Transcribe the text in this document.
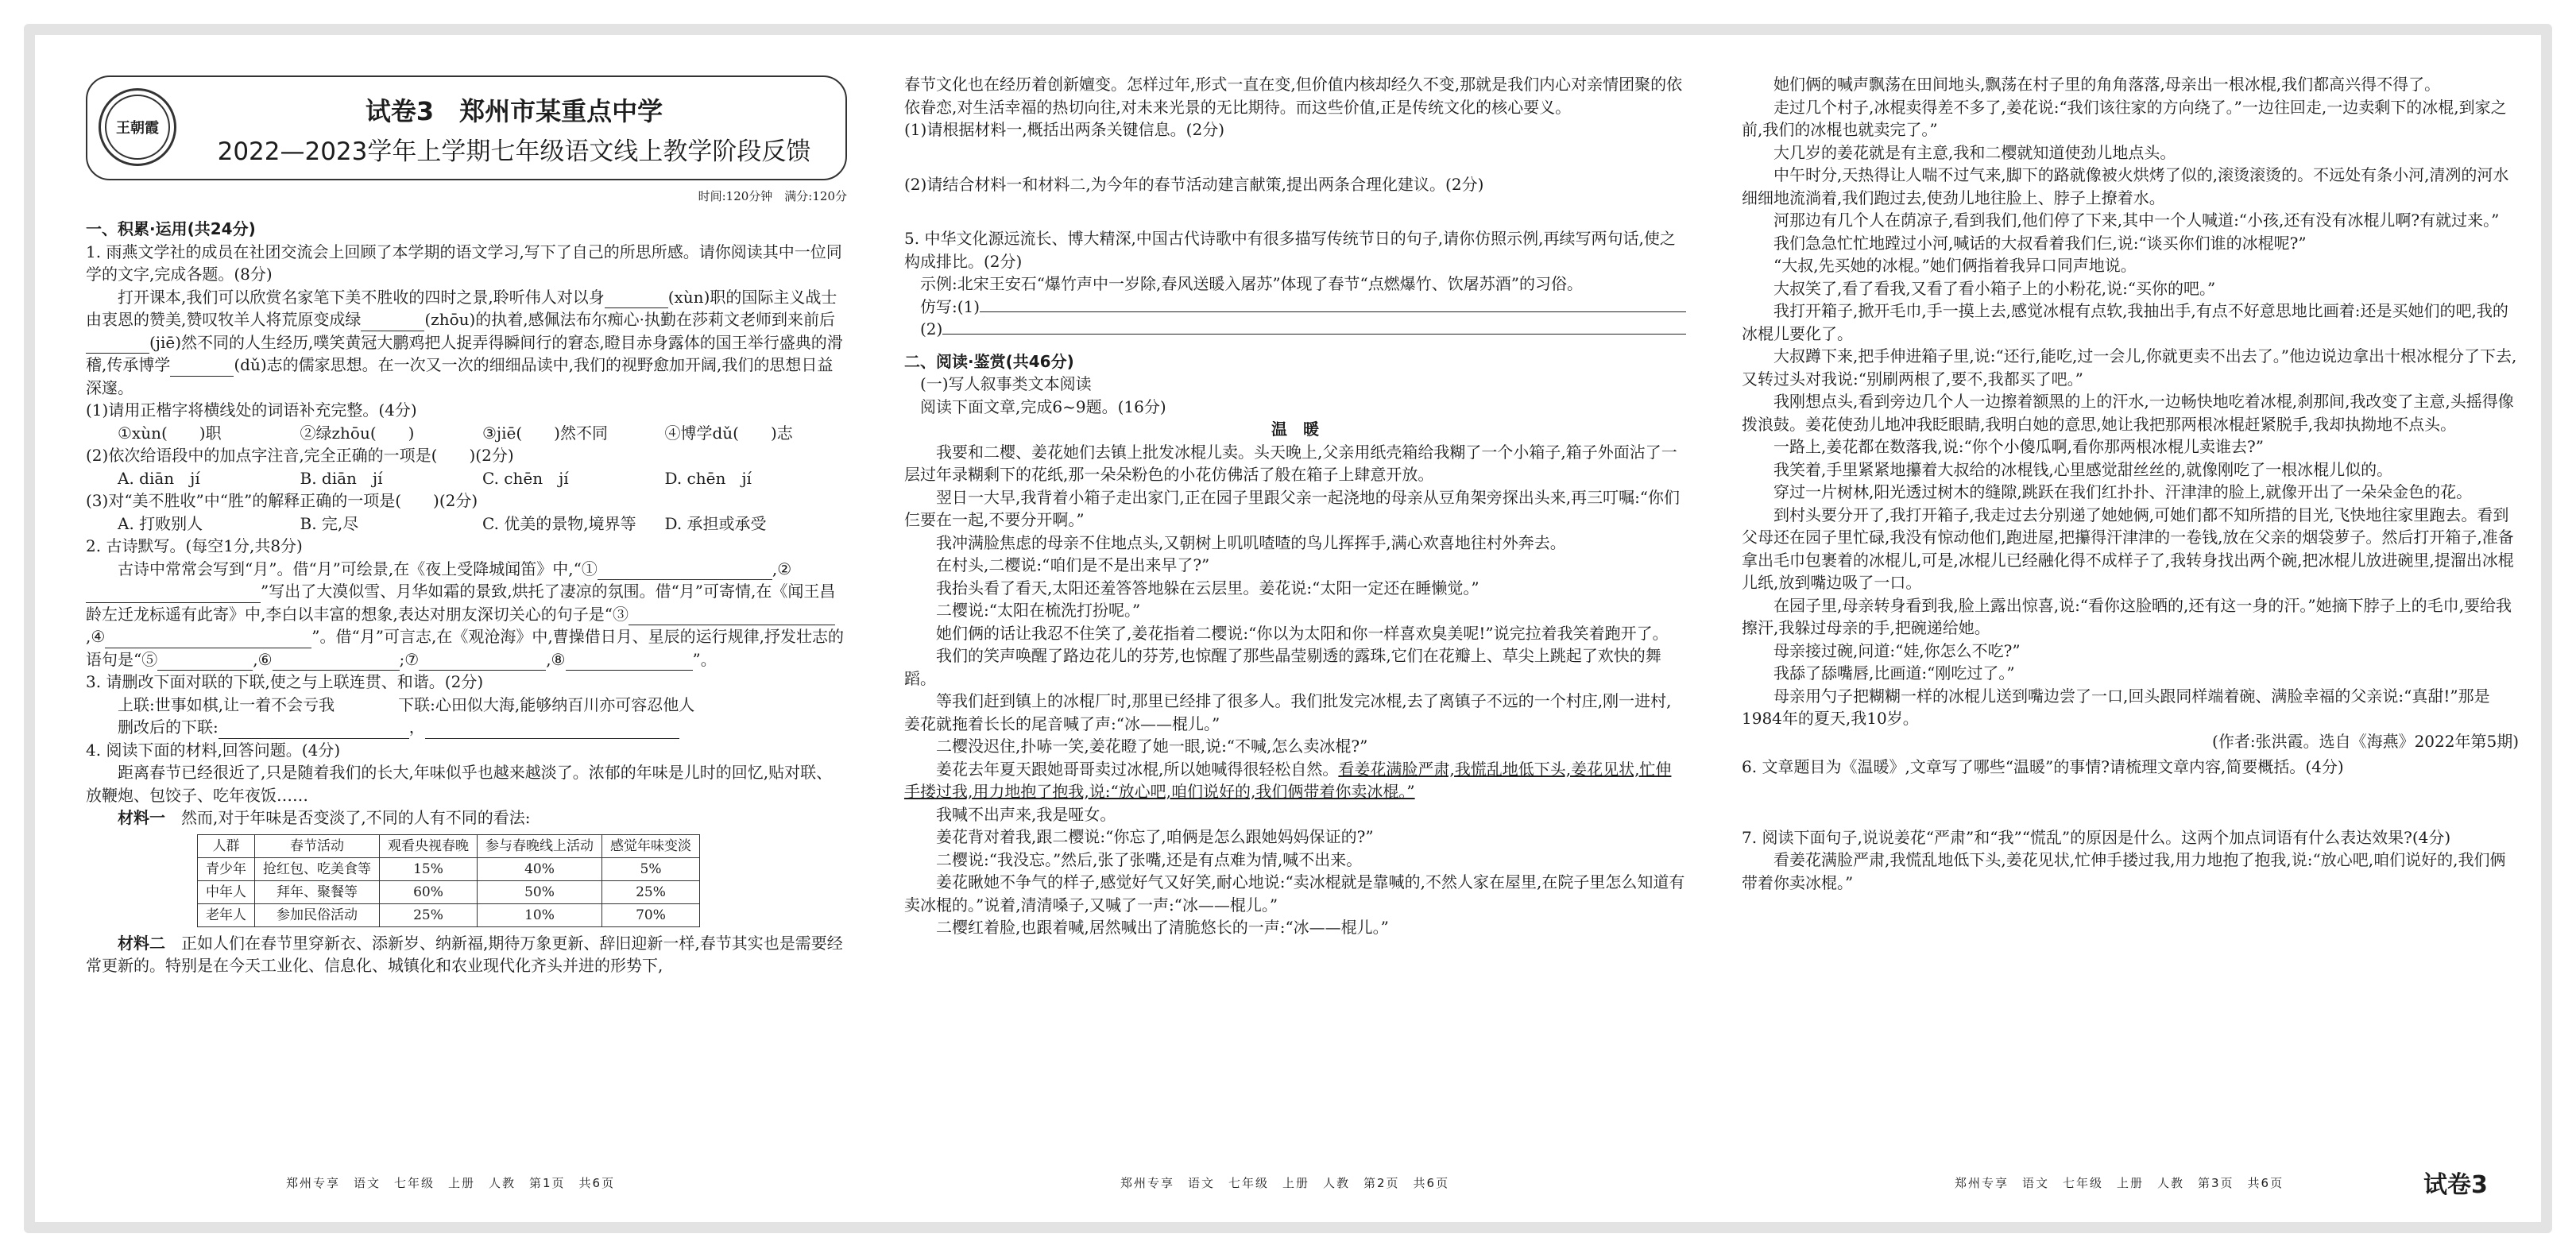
王朝霞
试卷3　郑州市某重点中学
2022—2023学年上学期七年级语文线上教学阶段反馈
时间:120分钟　满分:120分

一、积累·运用(共24分)

1. 雨燕文学社的成员在社团交流会上回顾了本学期的语文学习,写下了自己的所思所感。请你阅读其中一位同学的文字,完成各题。(8分)

打开课本,我们可以欣赏名家笔下美不胜收的四时之景,聆听伟人对以身	(xùn)职的国际主义战士由衷恩的赞美,赞叹牧羊人将荒原变成绿	(zhōu)的执着,感佩法布尔痴心·执勤在莎莉文老师到来前后(jiē)然不同的人生经历,噗笑黄冠大鹏鸡把人捉弄得瞬间行的窘态,瞪目赤身露体的国王举行盛典的滑稽,传承博学	(dǔ)志的儒家思想。在一次又一次的细细品读中,我们的视野愈加开阔,我们的思想日益深邃。

(1)请用正楷字将横线处的词语补充完整。(4分)

①xùn(　　)职	②绿zhōu(　　)	③jiē(　　)然不同	④博学dǔ(　　)志

(2)依次给语段中的加点字注音,完全正确的一项是(　　)(2分)

A. diān　jí	B. diān　jí	C. chēn　jí	D. chēn　jí

(3)对“美不胜收”中“胜”的解释正确的一项是(　　)(2分)

A. 打败别人	B. 完,尽	C. 优美的景物,境界等 D. 承担或承受

2. 古诗默写。(每空1分,共8分)

古诗中常常会写到“月”。借“月”可绘景,在《夜上受降城闻笛》中,“①	,②”写出了大漠似雪、月华如霜的景致,烘托了凄凉的氛围。借“月”可寄情,在《闻王昌龄左迁龙标遥有此寄》中,李白以丰富的想象,表达对朋友深切关心的句子是“③,④	”。借“月”可言志,在《观沧海》中,曹操借日月、星辰的运行规律,抒发壮志的语句是“⑤	,⑥	;⑦	,⑧	”。

3. 请删改下面对联的下联,使之与上联连贯、和谐。(2分)

上联:世事如棋,让一着不会亏我　　　　	下联:心田似大海,能够纳百川亦可容忍他人

删改后的下联:	，

4. 阅读下面的材料,回答问题。(4分)

距离春节已经很近了,只是随着我们的长大,年味似乎也越来越淡了。浓郁的年味是儿时的回忆,贴对联、放鞭炮、包饺子、吃年夜饭……

材料一　 然而,对于年味是否变淡了,不同的人有不同的看法:

人群	春节活动	观看央视春晚	参与春晚线上活动	感觉年味变淡
青少年	抢红包、吃美食等	15%	40%	5%
中年人	拜年、聚餐等	60%	50%	25%
老年人	参加民俗活动	25%	10%	70%

材料二　 正如人们在春节里穿新衣、添新岁、纳新福,期待万象更新、辞旧迎新一样,春节其实也是需要经常更新的。特别是在今天工业化、信息化、城镇化和农业现代化齐头并进的形势下,

郑州专享　语文　七年级　上册　人教　第1页　共6页

春节文化也在经历着创新嬗变。怎样过年,形式一直在变,但价值内核却经久不变,那就是我们内心对亲情团聚的依依眷恋,对生活幸福的热切向往,对未来光景的无比期待。而这些价值,正是传统文化的核心要义。

(1)请根据材料一,概括出两条关键信息。(2分)

(2)请结合材料一和材料二,为今年的春节活动建言献策,提出两条合理化建议。(2分)

5. 中华文化源远流长、博大精深,中国古代诗歌中有很多描写传统节日的句子,请你仿照示例,再续写两句话,使之构成排比。(2分)

示例:北宋王安石“爆竹声中一岁除,春风送暖入屠苏”体现了春节“点燃爆竹、饮屠苏酒”的习俗。

仿写:(1)

(2)

二、阅读·鉴赏(共46分)

(一)写人叙事类文本阅读

阅读下面文章,完成6~9题。(16分)

温　暖

我要和二樱、姜花她们去镇上批发冰棍儿卖。头天晚上,父亲用纸壳箱给我糊了一个小箱子,箱子外面沾了一层过年录糊剩下的花纸,那一朵朵粉色的小花仿佛活了般在箱子上肆意开放。

翌日一大早,我背着小箱子走出家门,正在园子里跟父亲一起浇地的母亲从豆角架旁探出头来,再三叮嘱:“你们仨要在一起,不要分开啊。”

我冲满脸焦虑的母亲不住地点头,又朝树上叽叽喳喳的鸟儿挥挥手,满心欢喜地往村外奔去。

在村头,二樱说:“咱们是不是出来早了?”

我抬头看了看天,太阳还羞答答地躲在云层里。姜花说:“太阳一定还在睡懒觉。”

二樱说:“太阳在梳洗打扮呢。”

她们俩的话让我忍不住笑了,姜花指着二樱说:“你以为太阳和你一样喜欢臭美呢!”说完拉着我笑着跑开了。

我们的笑声唤醒了路边花儿的芬芳,也惊醒了那些晶莹剔透的露珠,它们在花瓣上、草尖上跳起了欢快的舞蹈。

等我们赶到镇上的冰棍厂时,那里已经排了很多人。我们批发完冰棍,去了离镇子不远的一个村庄,刚一进村,姜花就拖着长长的尾音喊了声:“冰——棍儿。”

二樱没迟住,扑哧一笑,姜花瞪了她一眼,说:“不喊,怎么卖冰棍?”

姜花去年夏天跟她哥哥卖过冰棍,所以她喊得很轻松自然。看姜花满脸严肃,我慌乱地低下头,姜花见状,忙伸手搂过我,用力地抱了抱我,说:“放心吧,咱们说好的,我们俩带着你卖冰棍。”

我喊不出声来,我是哑女。

姜花背对着我,跟二樱说:“你忘了,咱俩是怎么跟她妈妈保证的?”

二樱说:“我没忘。”然后,张了张嘴,还是有点难为情,喊不出来。

姜花瞅她不争气的样子,感觉好气又好笑,耐心地说:“卖冰棍就是靠喊的,不然人家在屋里,在院子里怎么知道有卖冰棍的。”说着,清清嗓子,又喊了一声:“冰——棍儿。”

二樱红着脸,也跟着喊,居然喊出了清脆悠长的一声:“冰——棍儿。”

郑州专享　语文　七年级　上册　人教　第2页　共6页

她们俩的喊声飘荡在田间地头,飘荡在村子里的角角落落,母亲出一根冰棍,我们都高兴得不得了。

走过几个村子,冰棍卖得差不多了,姜花说:“我们该往家的方向绕了。”一边往回走,一边卖剩下的冰棍,到家之前,我们的冰棍也就卖完了。”

大几岁的姜花就是有主意,我和二樱就知道使劲儿地点头。

中午时分,天热得让人喘不过气来,脚下的路就像被火烘烤了似的,滚烫滚烫的。不远处有条小河,清冽的河水细细地流淌着,我们跑过去,使劲儿地往脸上、脖子上撩着水。

河那边有几个人在荫凉子,看到我们,他们停了下来,其中一个人喊道:“小孩,还有没有冰棍儿啊?有就过来。”

我们急急忙忙地蹚过小河,喊话的大叔看着我们仨,说:“谈买你们谁的冰棍呢?”

“大叔,先买她的冰棍。”她们俩指着我异口同声地说。

大叔笑了,看了看我,又看了看小箱子上的小粉花,说:“买你的吧。”

我打开箱子,掀开毛巾,手一摸上去,感觉冰棍有点软,我抽出手,有点不好意思地比画着:还是买她们的吧,我的冰棍儿要化了。

大叔蹲下来,把手伸进箱子里,说:“还行,能吃,过一会儿,你就更卖不出去了。”他边说边拿出十根冰棍分了下去,又转过头对我说:“别刷两根了,要不,我都买了吧。”

我刚想点头,看到旁边几个人一边擦着额黑的上的汗水,一边畅快地吃着冰棍,刹那间,我改变了主意,头摇得像拨浪鼓。姜花使劲儿地冲我眨眼睛,我明白她的意思,她让我把那两根冰棍赶紧脱手,我却执拗地不点头。

一路上,姜花都在数落我,说:“你个小傻瓜啊,看你那两根冰棍儿卖谁去?”

我笑着,手里紧紧地攥着大叔给的冰棍钱,心里感觉甜丝丝的,就像刚吃了一根冰棍儿似的。

穿过一片树林,阳光透过树木的缝隙,跳跃在我们红扑扑、汗津津的脸上,就像开出了一朵朵金色的花。

到村头要分开了,我打开箱子,我走过去分别递了她她俩,可她们都不知所措的目光,飞快地往家里跑去。看到父母还在园子里忙碌,我没有惊动他们,跑进屋,把攥得汗津津的一卷钱,放在父亲的烟袋萝子。然后打开箱子,准备拿出毛巾包裹着的冰棍儿,可是,冰棍儿已经融化得不成样子了,我转身找出两个碗,把冰棍儿放进碗里,提溜出冰棍儿纸,放到嘴边吸了一口。

在园子里,母亲转身看到我,脸上露出惊喜,说:“看你这脸晒的,还有这一身的汗。”她摘下脖子上的毛巾,要给我擦汗,我躲过母亲的手,把碗递给她。

母亲接过碗,问道:“娃,你怎么不吃?”

我舔了舔嘴唇,比画道:“刚吃过了。”

母亲用勺子把糊糊一样的冰棍儿送到嘴边尝了一口,回头跟同样端着碗、满脸幸福的父亲说:“真甜!”那是1984年的夏天,我10岁。

(作者:张洪霞。选自《海燕》2022年第5期)

6. 文章题目为《温暖》,文章写了哪些“温暖”的事情?请梳理文章内容,简要概括。(4分)

7. 阅读下面句子,说说姜花“严肃”和“我”“慌乱”的原因是什么。这两个加点词语有什么表达效果?(4分)

看姜花满脸严肃,我慌乱地低下头,姜花见状,忙伸手搂过我,用力地抱了抱我,说:“放心吧,咱们说好的,我们俩带着你卖冰棍。”

郑州专享　语文　七年级　上册　人教　第3页　共6页	试卷3
